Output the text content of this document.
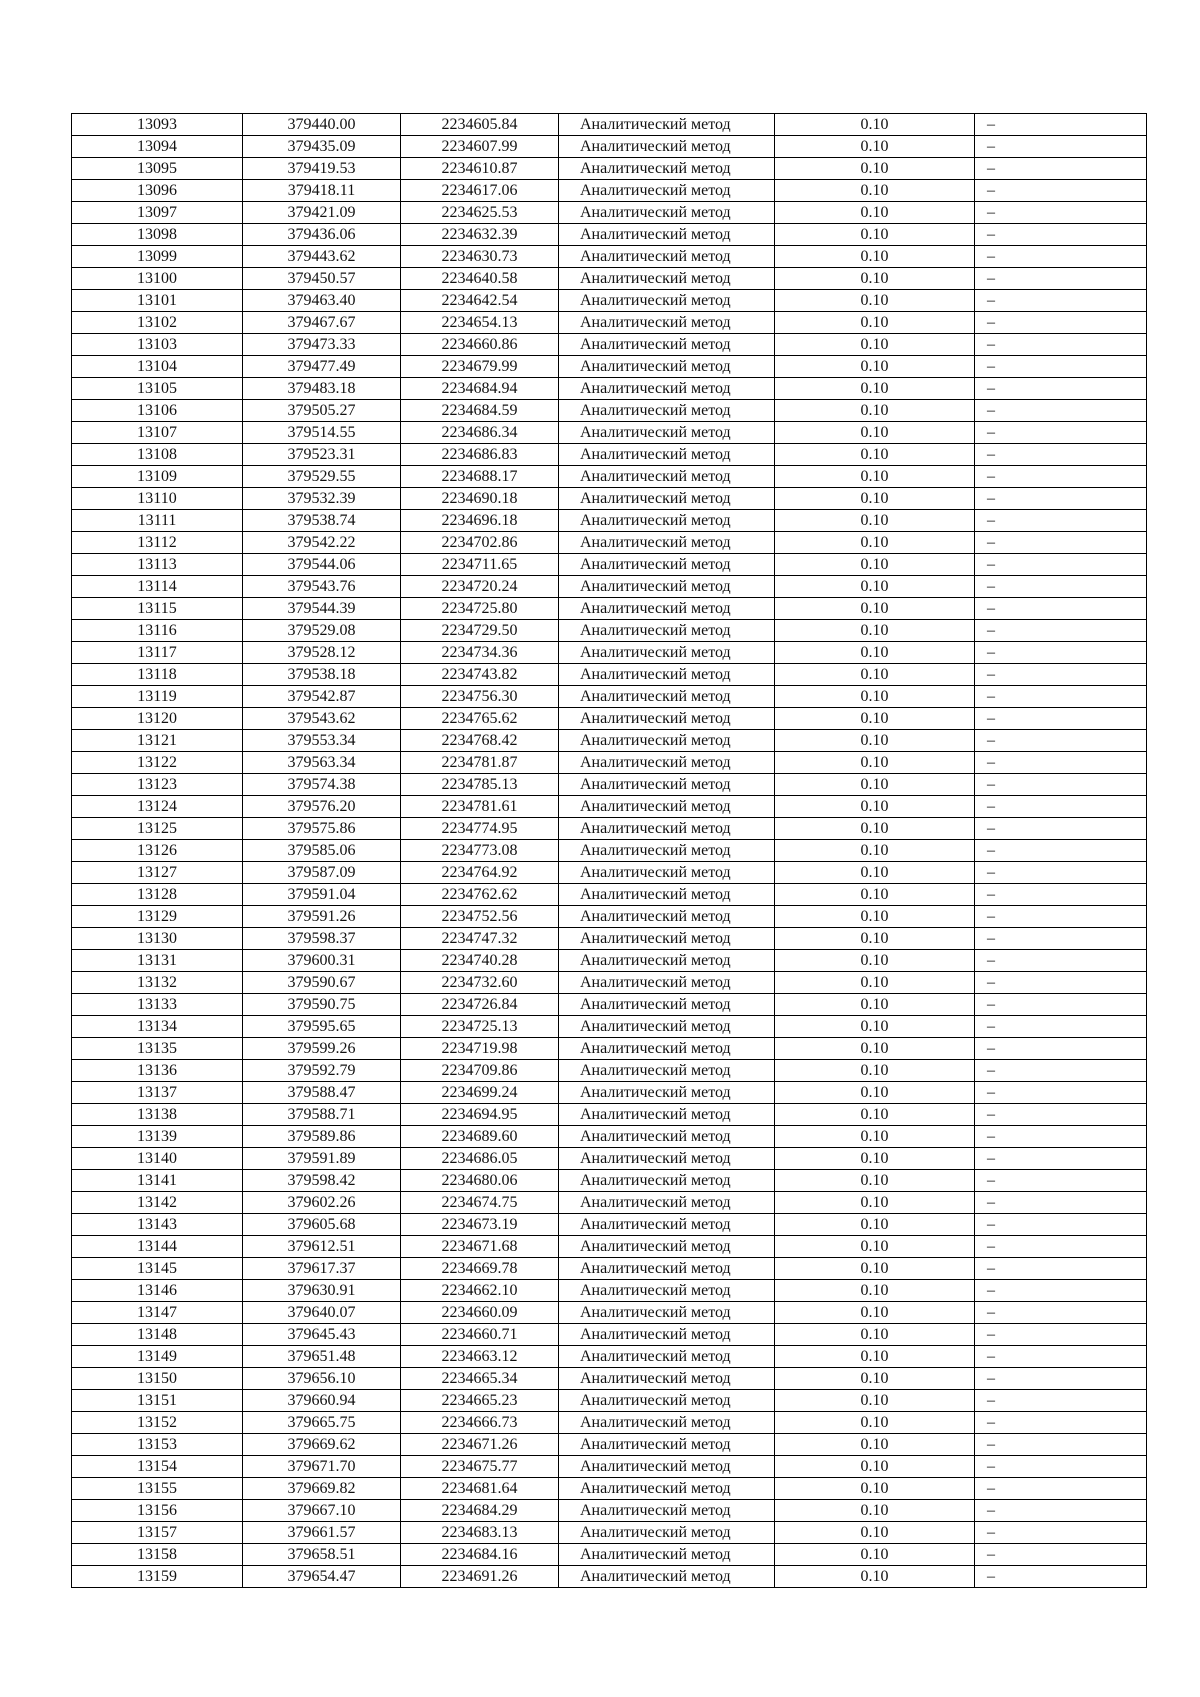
13093	379440.00	2234605.84	Аналитический метод	0.10	–
13094	379435.09	2234607.99	Аналитический метод	0.10	–
13095	379419.53	2234610.87	Аналитический метод	0.10	–
13096	379418.11	2234617.06	Аналитический метод	0.10	–
13097	379421.09	2234625.53	Аналитический метод	0.10	–
13098	379436.06	2234632.39	Аналитический метод	0.10	–
13099	379443.62	2234630.73	Аналитический метод	0.10	–
13100	379450.57	2234640.58	Аналитический метод	0.10	–
13101	379463.40	2234642.54	Аналитический метод	0.10	–
13102	379467.67	2234654.13	Аналитический метод	0.10	–
13103	379473.33	2234660.86	Аналитический метод	0.10	–
13104	379477.49	2234679.99	Аналитический метод	0.10	–
13105	379483.18	2234684.94	Аналитический метод	0.10	–
13106	379505.27	2234684.59	Аналитический метод	0.10	–
13107	379514.55	2234686.34	Аналитический метод	0.10	–
13108	379523.31	2234686.83	Аналитический метод	0.10	–
13109	379529.55	2234688.17	Аналитический метод	0.10	–
13110	379532.39	2234690.18	Аналитический метод	0.10	–
13111	379538.74	2234696.18	Аналитический метод	0.10	–
13112	379542.22	2234702.86	Аналитический метод	0.10	–
13113	379544.06	2234711.65	Аналитический метод	0.10	–
13114	379543.76	2234720.24	Аналитический метод	0.10	–
13115	379544.39	2234725.80	Аналитический метод	0.10	–
13116	379529.08	2234729.50	Аналитический метод	0.10	–
13117	379528.12	2234734.36	Аналитический метод	0.10	–
13118	379538.18	2234743.82	Аналитический метод	0.10	–
13119	379542.87	2234756.30	Аналитический метод	0.10	–
13120	379543.62	2234765.62	Аналитический метод	0.10	–
13121	379553.34	2234768.42	Аналитический метод	0.10	–
13122	379563.34	2234781.87	Аналитический метод	0.10	–
13123	379574.38	2234785.13	Аналитический метод	0.10	–
13124	379576.20	2234781.61	Аналитический метод	0.10	–
13125	379575.86	2234774.95	Аналитический метод	0.10	–
13126	379585.06	2234773.08	Аналитический метод	0.10	–
13127	379587.09	2234764.92	Аналитический метод	0.10	–
13128	379591.04	2234762.62	Аналитический метод	0.10	–
13129	379591.26	2234752.56	Аналитический метод	0.10	–
13130	379598.37	2234747.32	Аналитический метод	0.10	–
13131	379600.31	2234740.28	Аналитический метод	0.10	–
13132	379590.67	2234732.60	Аналитический метод	0.10	–
13133	379590.75	2234726.84	Аналитический метод	0.10	–
13134	379595.65	2234725.13	Аналитический метод	0.10	–
13135	379599.26	2234719.98	Аналитический метод	0.10	–
13136	379592.79	2234709.86	Аналитический метод	0.10	–
13137	379588.47	2234699.24	Аналитический метод	0.10	–
13138	379588.71	2234694.95	Аналитический метод	0.10	–
13139	379589.86	2234689.60	Аналитический метод	0.10	–
13140	379591.89	2234686.05	Аналитический метод	0.10	–
13141	379598.42	2234680.06	Аналитический метод	0.10	–
13142	379602.26	2234674.75	Аналитический метод	0.10	–
13143	379605.68	2234673.19	Аналитический метод	0.10	–
13144	379612.51	2234671.68	Аналитический метод	0.10	–
13145	379617.37	2234669.78	Аналитический метод	0.10	–
13146	379630.91	2234662.10	Аналитический метод	0.10	–
13147	379640.07	2234660.09	Аналитический метод	0.10	–
13148	379645.43	2234660.71	Аналитический метод	0.10	–
13149	379651.48	2234663.12	Аналитический метод	0.10	–
13150	379656.10	2234665.34	Аналитический метод	0.10	–
13151	379660.94	2234665.23	Аналитический метод	0.10	–
13152	379665.75	2234666.73	Аналитический метод	0.10	–
13153	379669.62	2234671.26	Аналитический метод	0.10	–
13154	379671.70	2234675.77	Аналитический метод	0.10	–
13155	379669.82	2234681.64	Аналитический метод	0.10	–
13156	379667.10	2234684.29	Аналитический метод	0.10	–
13157	379661.57	2234683.13	Аналитический метод	0.10	–
13158	379658.51	2234684.16	Аналитический метод	0.10	–
13159	379654.47	2234691.26	Аналитический метод	0.10	–
